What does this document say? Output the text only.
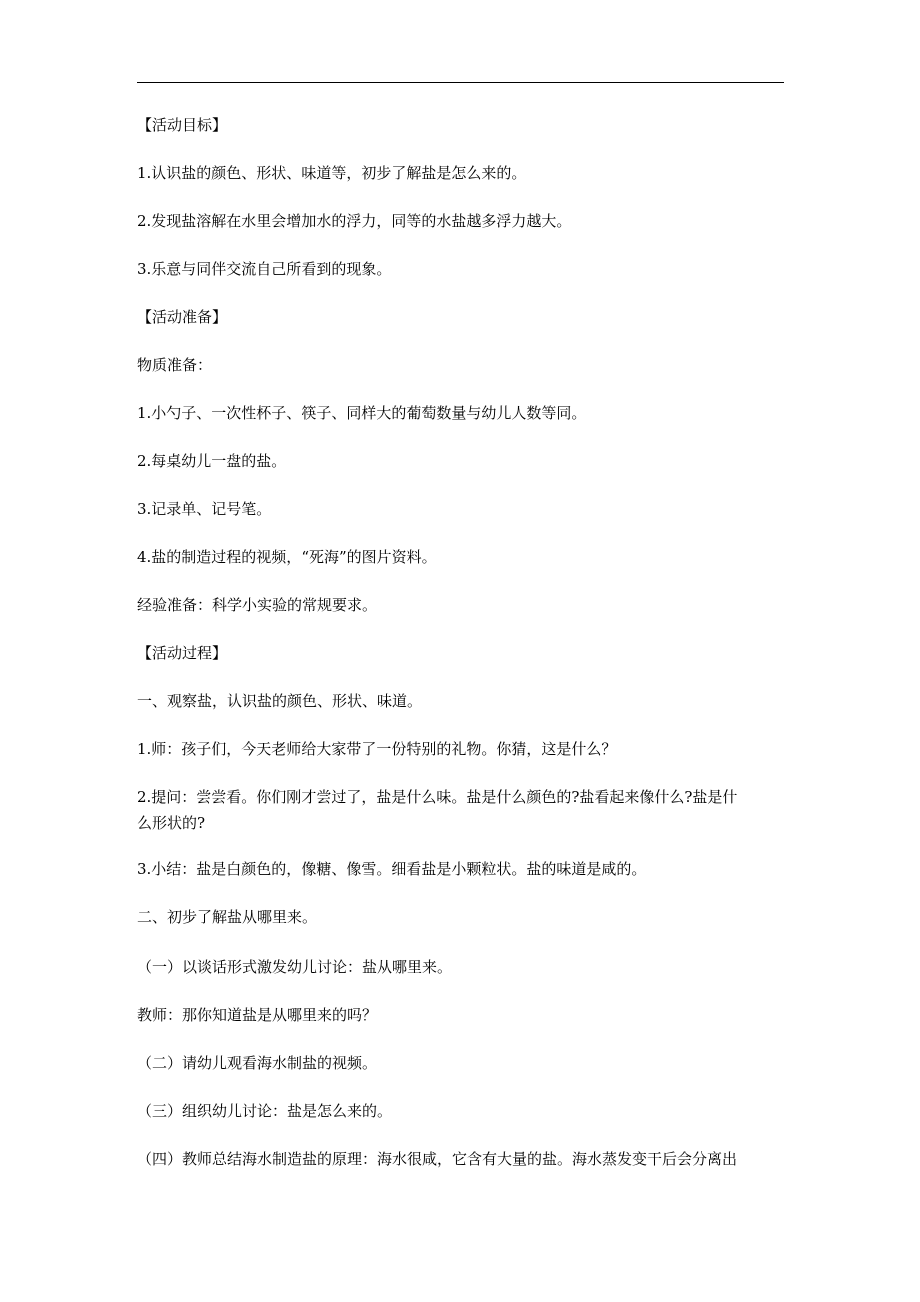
【活动目标】
1.认识盐的颜色、形状、味道等，初步了解盐是怎么来的。
2.发现盐溶解在水里会增加水的浮力，同等的水盐越多浮力越大。
3.乐意与同伴交流自己所看到的现象。
【活动准备】
物质准备：
1.小勺子、一次性杯子、筷子、同样大的葡萄数量与幼儿人数等同。
2.每桌幼儿一盘的盐。
3.记录单、记号笔。
4.盐的制造过程的视频，“死海”的图片资料。
经验准备：科学小实验的常规要求。
【活动过程】
一、观察盐，认识盐的颜色、形状、味道。
1.师：孩子们，今天老师给大家带了一份特别的礼物。你猜，这是什么？
2.提问：尝尝看。你们刚才尝过了，盐是什么味。盐是什么颜色的?盐看起来像什么?盐是什
么形状的?
3.小结：盐是白颜色的，像糖、像雪。细看盐是小颗粒状。盐的味道是咸的。
二、初步了解盐从哪里来。
（一）以谈话形式激发幼儿讨论：盐从哪里来。
教师：那你知道盐是从哪里来的吗？
（二）请幼儿观看海水制盐的视频。
（三）组织幼儿讨论：盐是怎么来的。
（四）教师总结海水制造盐的原理：海水很咸，它含有大量的盐。海水蒸发变干后会分离出
